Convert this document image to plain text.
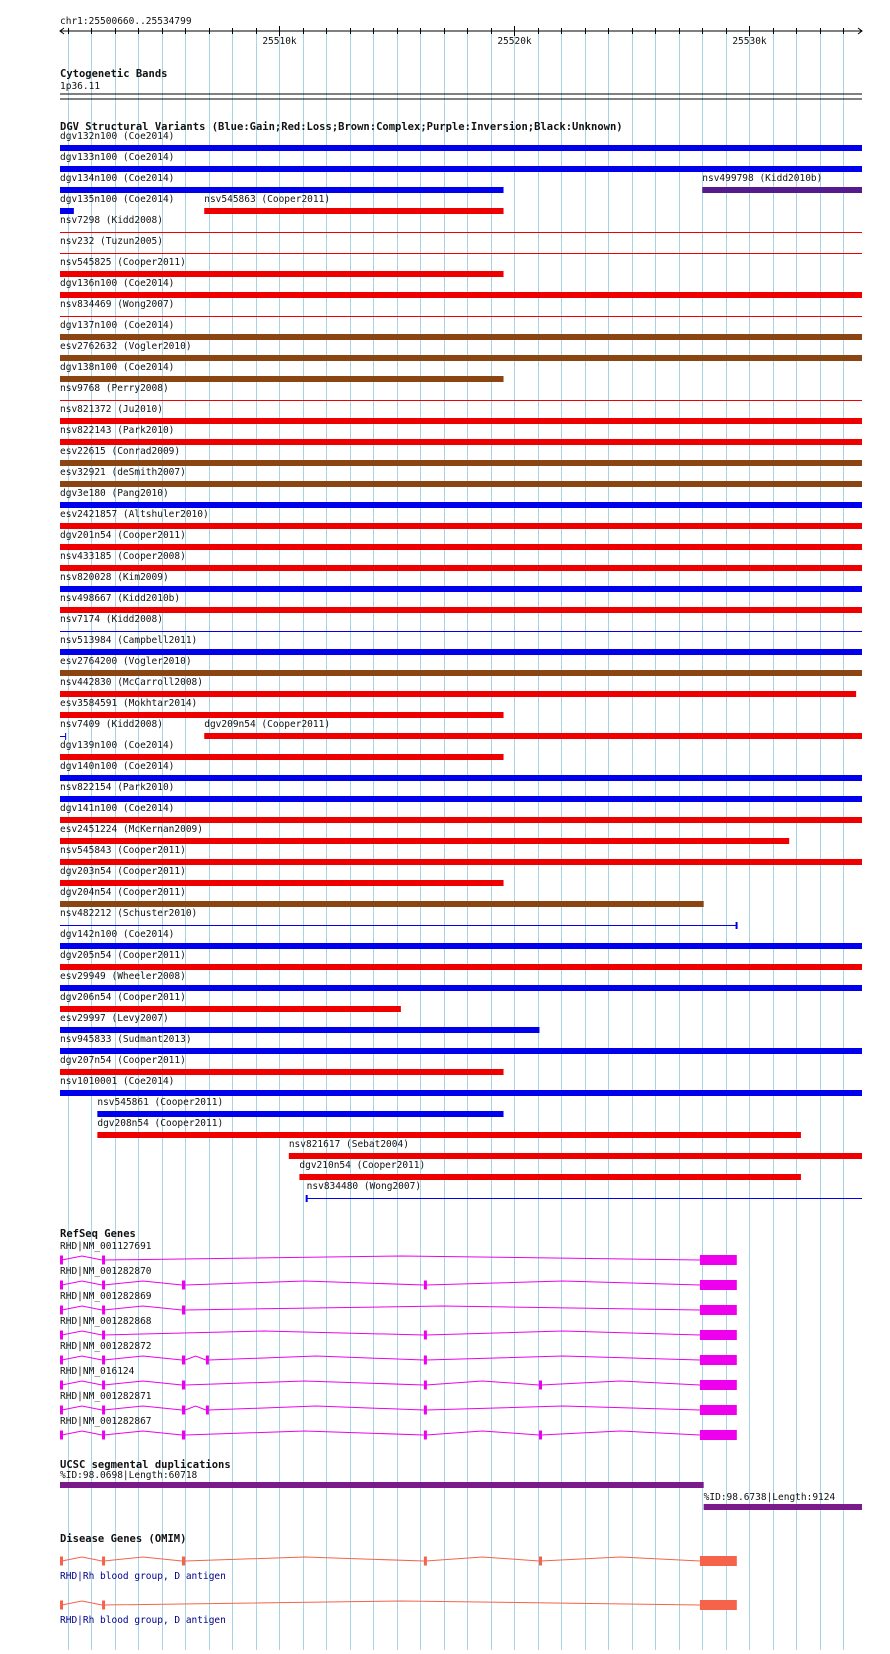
chr1:25500660..25534799
25510k	25520k	25530k
Cytogenetic Bands
1p36.11
DGV Structural Variants (Blue:Gain;Red:Loss;Brown:Complex;Purple:Inversion;Black:Unknown)
dgv132n100 (Coe2014)
dgv133n100 (Coe2014)
dgv134n100 (Coe2014)	nsv499798 (Kidd2010b)
dgv135n100 (Coe2014)	nsv545863 (Cooper2011)
nsv7298 (Kidd2008)
nsv232 (Tuzun2005)
nsv545825 (Cooper2011)
dgv136n100 (Coe2014)
nsv834469 (Wong2007)
dgv137n100 (Coe2014)
esv2762632 (Vogler2010)
dgv138n100 (Coe2014)
nsv9768 (Perry2008)
nsv821372 (Ju2010)
nsv822143 (Park2010)
esv22615 (Conrad2009)
esv32921 (deSmith2007)
dgv3e180 (Pang2010)
esv2421857 (Altshuler2010)
dgv201n54 (Cooper2011)
nsv433185 (Cooper2008)
nsv820028 (Kim2009)
nsv498667 (Kidd2010b)
nsv7174 (Kidd2008)
nsv513984 (Campbell2011)
esv2764200 (Vogler2010)
nsv442830 (McCarroll2008)
esv3584591 (Mokhtar2014)
nsv7409 (Kidd2008)	dgv209n54 (Cooper2011)
dgv139n100 (Coe2014)
dgv140n100 (Coe2014)
nsv822154 (Park2010)
dgv141n100 (Coe2014)
esv2451224 (McKernan2009)
nsv545843 (Cooper2011)
dgv203n54 (Cooper2011)
dgv204n54 (Cooper2011)
nsv482212 (Schuster2010)
dgv142n100 (Coe2014)
dgv205n54 (Cooper2011)
esv29949 (Wheeler2008)
dgv206n54 (Cooper2011)
esv29997 (Levy2007)
nsv945833 (Sudmant2013)
dgv207n54 (Cooper2011)
nsv1010001 (Coe2014)
nsv545861 (Cooper2011)
dgv208n54 (Cooper2011)
nsv821617 (Sebat2004)
dgv210n54 (Cooper2011)
nsv834480 (Wong2007)
RefSeq Genes
RHD|NM_001127691
RHD|NM_001282870
RHD|NM_001282869
RHD|NM_001282868
RHD|NM_001282872
RHD|NM_016124
RHD|NM_001282871
RHD|NM_001282867
UCSC segmental duplications
%ID:98.0698|Length:60718
%ID:98.6738|Length:9124
Disease Genes (OMIM)
RHD|Rh blood group, D antigen
RHD|Rh blood group, D antigen
